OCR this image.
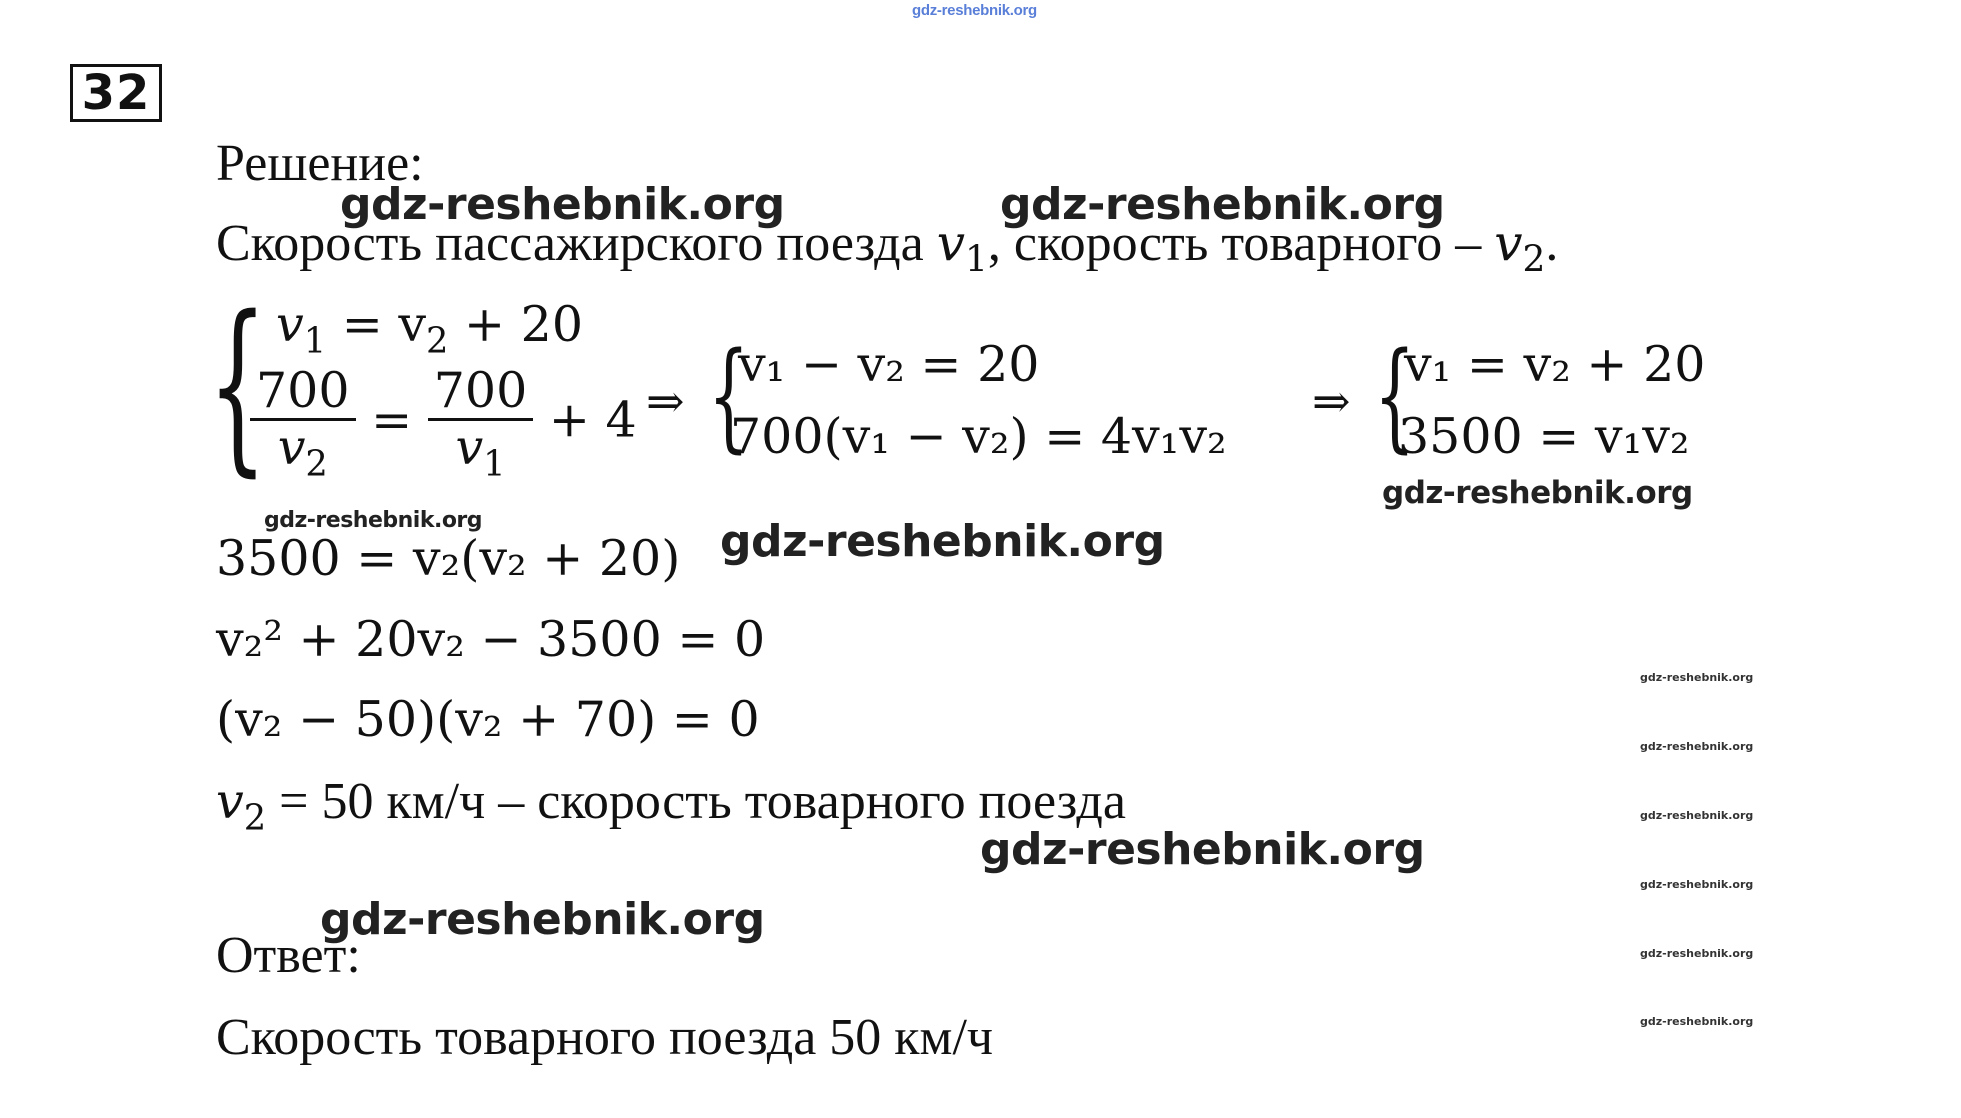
gdz-reshebnik.org
32
Решение:
gdz-reshebnik.org	gdz-reshebnik.org
Скорость пассажирского поезда $v_1$, скорость товарного – $v_2$.
{ $v_1 = v_2 + 20$
$\frac{700}{v_2} = \frac{700}{v_1} + 4$ ⇒ {
v₁ − v₂ = 20
700(v₁ − v₂) = 4v₁v₂
⇒ {
v₁ = v₂ + 20
3500 = v₁v₂
gdz-reshebnik.org
gdz-reshebnik.org
3500 = v₂(v₂ + 20) gdz-reshebnik.org
v₂² + 20v₂ − 3500 = 0
(v₂ − 50)(v₂ + 70) = 0
$v_2 = 50$ км/ч – скорость товарного поезда
gdz-reshebnik.org
gdz-reshebnik.org
gdz-reshebnik.org
gdz-reshebnik.org
gdz-reshebnik.org
gdz-reshebnik.org
gdz-reshebnik.org
gdz-reshebnik.org
Ответ:
Скорость товарного поезда 50 км/ч
